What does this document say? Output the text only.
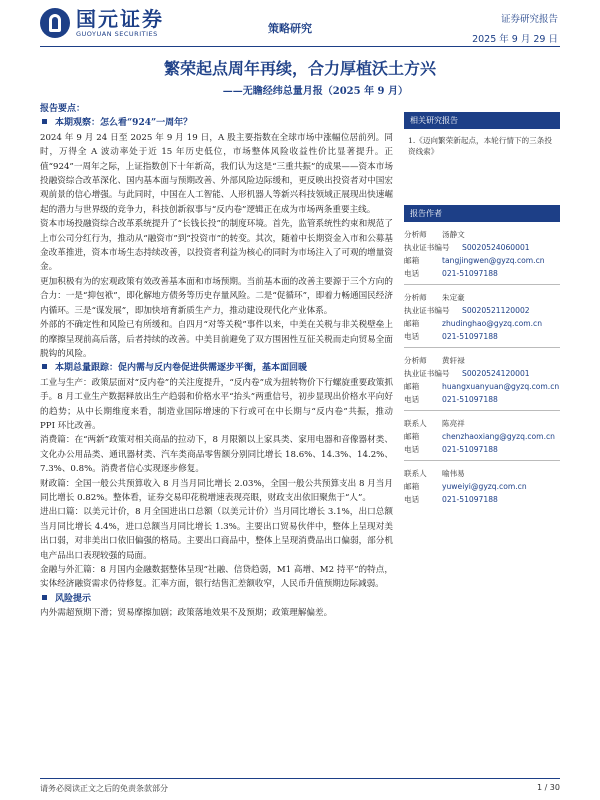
国元证券
GUOYUAN SECURITIES	策略研究
证券研究报告
2025 年 9 月 29 日
繁荣起点周年再续，合力厚植沃土方兴
——无瞻经纬总量月报（2025 年 9 月）
报告要点：
本期观察：怎么看“924”一周年？

2024 年 9 月 24 日至 2025 年 9 月 19 日，A 股主要指数在全球市场中涨幅位居前列。同时，万得全 A 波动率处于近 15 年历史低位，市场整体风险收益性价比显著提升。正值“924”一周年之际，上证指数创下十年新高，我们认为这是“三重共振”的成果——资本市场投融资综合改革深化、国内基本面与预期改善、外部风险边际缓和，更反映出投资者对中国宏观前景的信心增强。与此同时，中国在人工智能、人形机器人等新兴科技领域正展现出快速崛起的潜力与世界级的竞争力，科技创新叙事与“反内卷”逻辑正在成为市场两条重要主线。

资本市场投融资综合改革系统提升了“长钱长投”的制度环境。首先，监管系统性约束和规范了上市公司分红行为，推动从“融资市”到“投资市”的转变。其次，随着中长期资金入市和公募基金改革推进，资本市场生态持续改善，以投资者利益为核心的同时为市场注入了可观的增量资金。

更加积极有为的宏观政策有效改善基本面和市场预期。当前基本面的改善主要源于三个方向的合力：一是“抑包袱”，即化解地方债务等历史存量风险。二是“促循环”，即着力畅通国民经济内循环。三是“谋发展”，即加快培育新质生产力，推动建设现代化产业体系。

外部的不确定性和风险已有所缓和。自四月“对等关税”事件以来，中美在关税与非关税壁垒上的摩擦呈现前高后落，后者持续的改善。中美目前避免了双方围困性互征关税而走向贸易全面脱钩的风险。

本期总量跟踪：促内需与反内卷促进供需逐步平衡，基本面回暖

工业与生产：政策层面对“反内卷”的关注度提升，“反内卷”成为扭转物价下行螺旋重要政策抓手。8 月工业生产数据释放出生产趋弱和价格水平“抬头”两重信号，初步显现出价格水平向好的趋势；从中长期维度来看，制造业国际增速的下行或可在中长期与“反内卷”共振，推动 PPI 环比改善。

消费篇：在“两新”政策对相关商品的拉动下，8 月限额以上家具类、家用电器和音像器材类、文化办公用品类、通讯器材类、汽车类商品零售额分别同比增长 18.6%、14.3%、14.2%、7.3%、0.8%。消费者信心实现逐步修复。

财政篇：全国一般公共预算收入 8 月当月同比增长 2.03%，全国一般公共预算支出 8 月当月同比增长 0.82%。整体看，证券交易印花税增速表现亮眼，财政支出依旧聚焦于“人”。

进出口篇：以美元计价，8 月全国进出口总额（以美元计价）当月同比增长 3.1%，出口总额当月同比增长 4.4%，进口总额当月同比增长 1.3%。主要出口贸易伙伴中，整体上呈现对美出口弱，对非美出口依旧偏强的格局。主要出口商品中，整体上呈现消费品出口偏弱，部分机电产品出口表现较强的局面。

金融与外汇篇：8 月国内金融数据整体呈现“社融、信贷趋弱，M1 高增、M2 持平”的特点，实体经济融资需求仍待修复。汇率方面，银行结售汇差额收窄，人民币升值预期边际减弱。

风险提示

内外需超预期下滑；贸易摩擦加剧；政策落地效果不及预期；政策理解偏差。

相关研究报告
1.《迈向繁荣新起点，本轮行情下的三条投资线索》
报告作者
分析师	汤静文
执业证书编号	S0020524060001
邮箱	tangjingwen@gyzq.com.cn
电话	021-51097188
分析师	朱定豪
执业证书编号	S0020521120002
邮箱	zhudinghao@gyzq.com.cn
电话	021-51097188
分析师	黄轩禄
执业证书编号	S0020524120001
邮箱	huangxuanyuan@gyzq.com.cn
电话	021-51097188
联系人	陈亮祥
邮箱	chenzhaoxiang@gyzq.com.cn
电话	021-51097188
联系人	喻伟易
邮箱	yuweiyi@gyzq.com.cn
电话	021-51097188
请务必阅读正文之后的免责条款部分	1 / 30
